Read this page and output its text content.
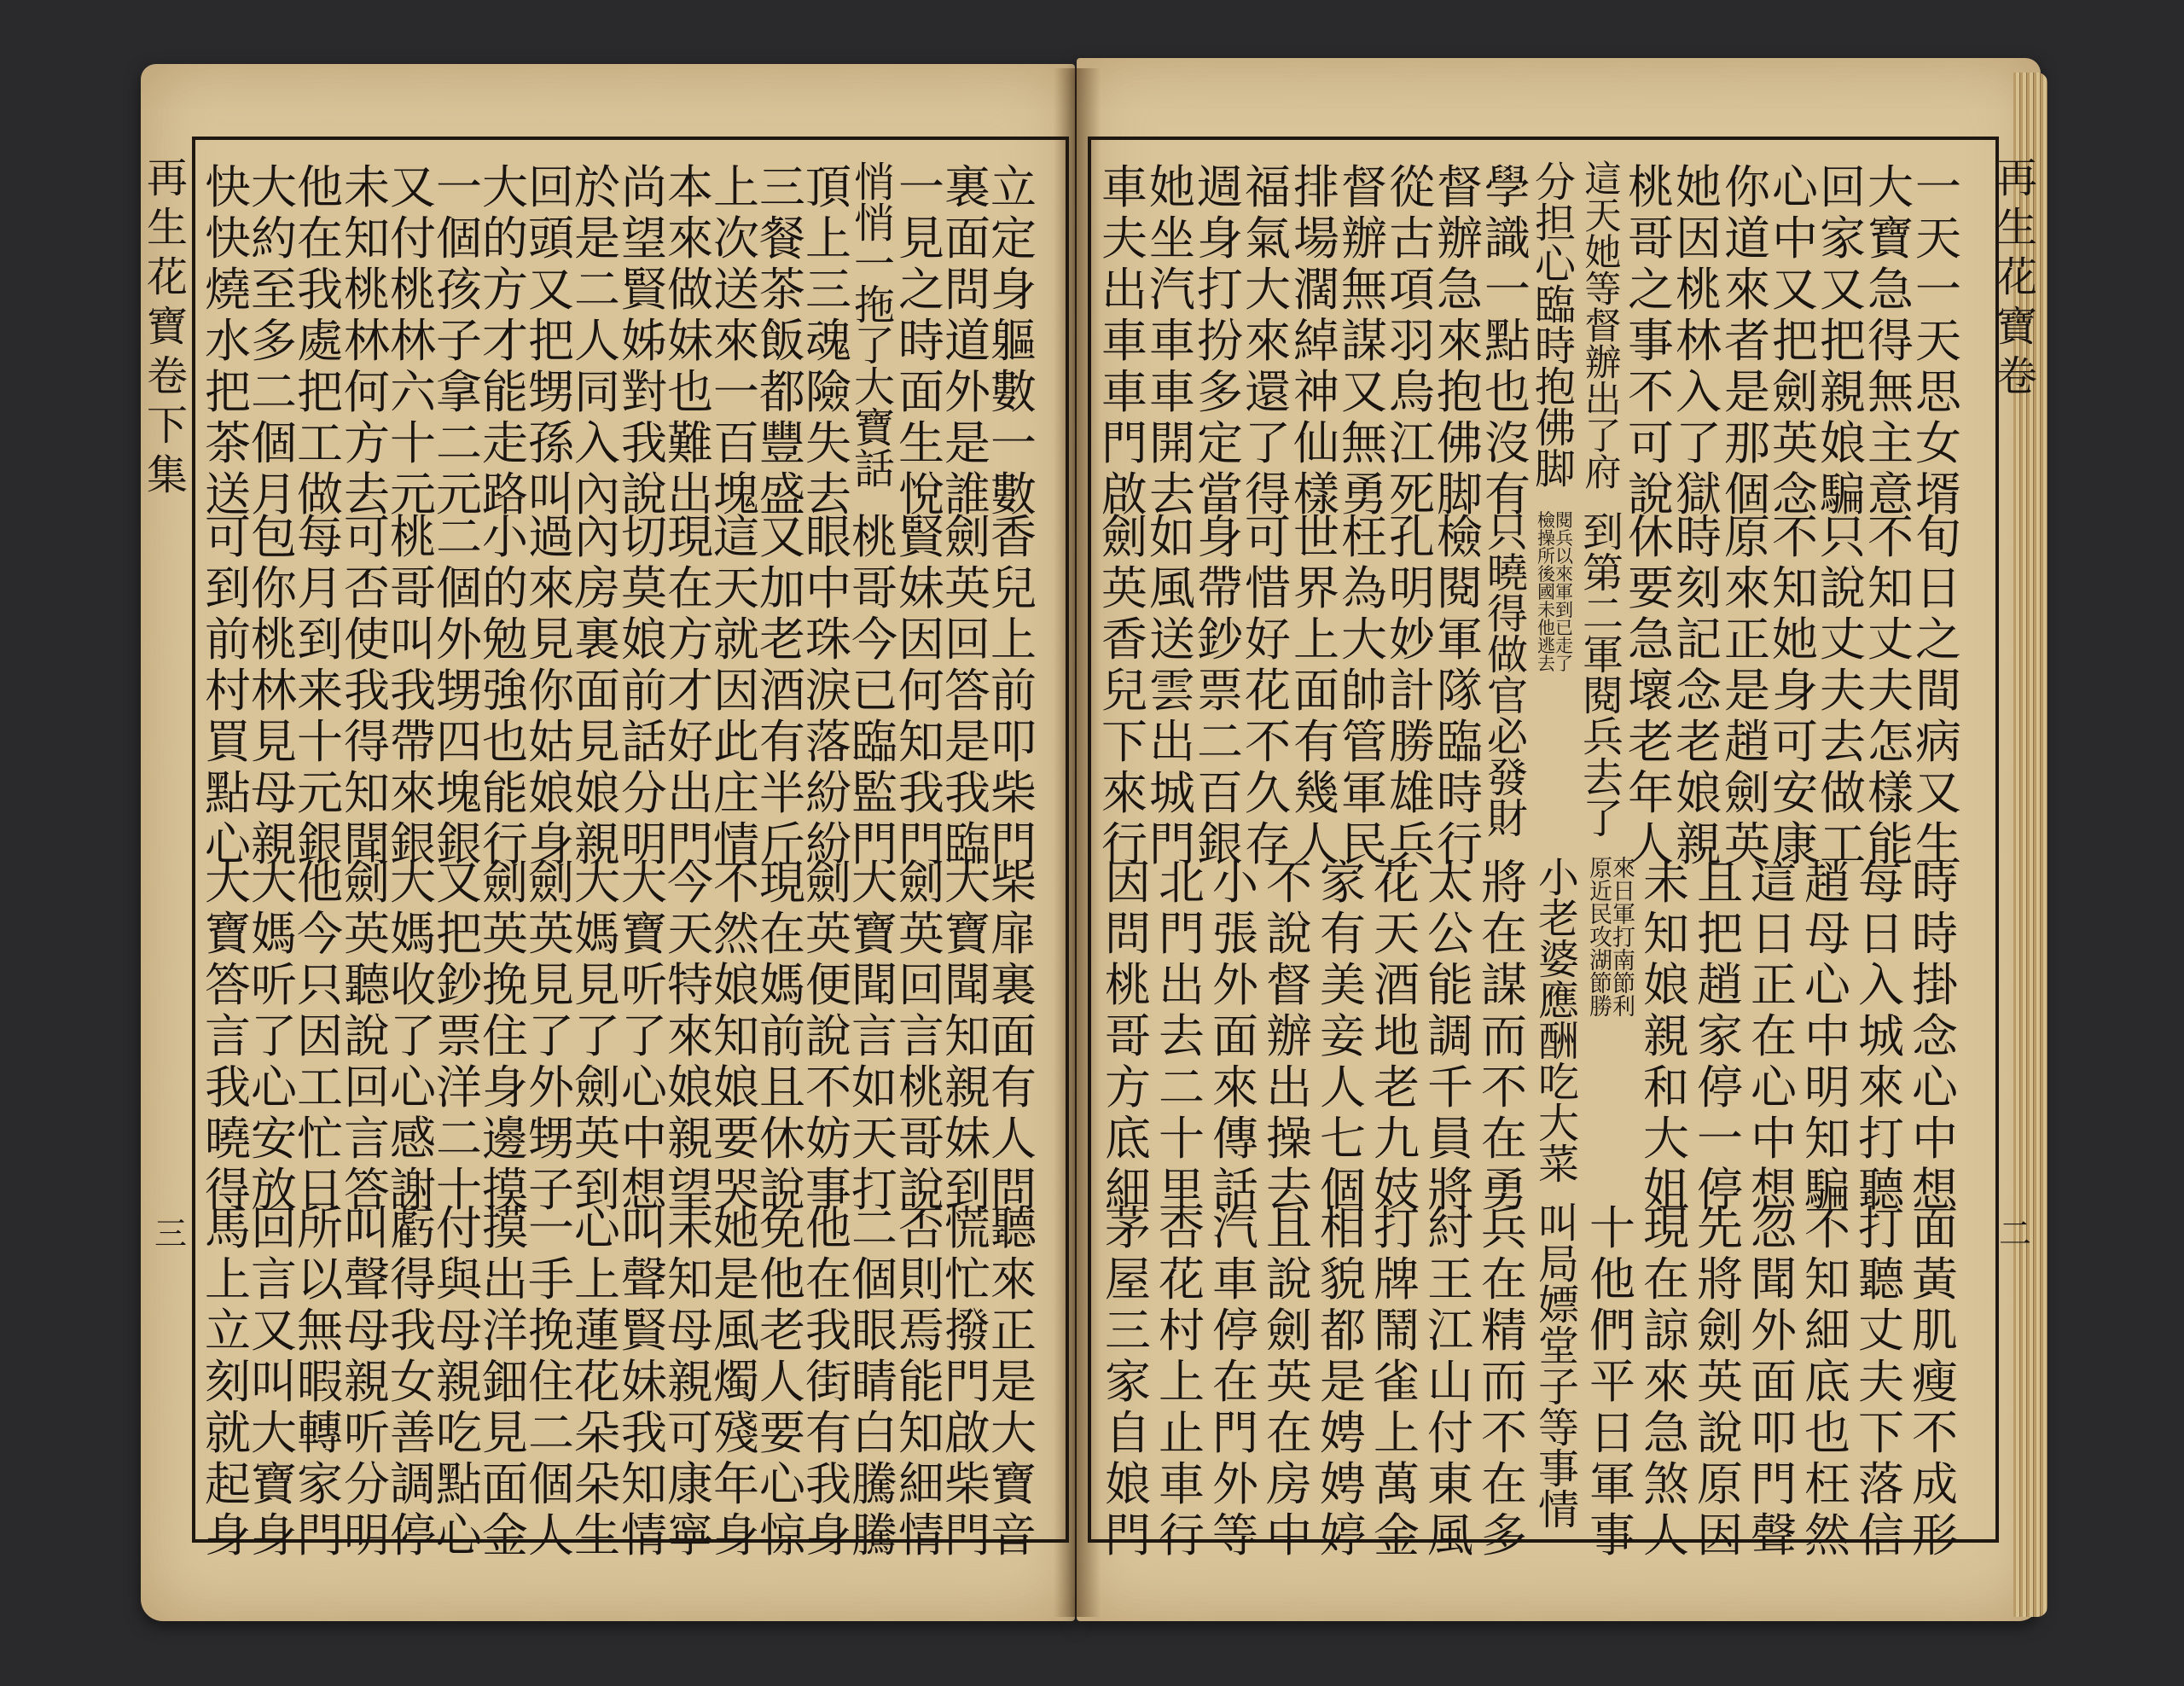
再生花寶卷 下集
三
再生花寶卷
二
立定身軀數一數
裏面問道外是誰
一見之時面生悅
悄悄一拖了大寶話
頂上三魂險失去
三餐茶飯都豐盛
上次送來一百塊
本來做妹也難出
尚望賢姊對我說
於是二人同入內
回頭又把甥孫叫
大的方才能走路
一個孩子拿二元
又付桃林六十元
未知桃林何方去
他在我處把工做
大約至多二個月
快快燒水把茶送
香兒上前叩柴門
劍英回答是我臨
賢妹因何知我門
桃哥今已臨監門
眼中珠淚落紛紛
又加老酒有半斤
這天就因此庄情
現在方才好出門
切莫娘前話分明
內房裏面見娘親
過來見你姑娘身
小的勉強也能行
二個外甥四塊銀
桃哥叫我帶來銀
可否使我得知聞
每月到来十元銀
包你桃林見母親
可到前村買點心
柴扉裏面有人問
大寶聞知親妹到
劍英回言桃哥說
大寶聞言如天打
劍英便說不妨事
現在媽前且休說
不然娘知娘要哭
今天特來娘親望
大寶听了心中想
大媽見了劍英到
劍英見了外甥子
劍英挽住身邊摸
又把鈔票洋二十
大媽收了心感謝
劍英聽說回言答
他今只因工忙日
大媽听了心安放
大寶答言我曉得
聽來正是大寶音
慌忙撥門啟柴門
否則焉能知細情
二個眼睛白騰騰
他在我街有我身
免他老人要心惊
她是風燭殘年身
未知母親可康寧
叫聲賢妹我知情
心上蓮花朵朵生
一手挽住二個人
摸出洋鈿見面金
付與母親吃點心
虧得我女善調停
叫聲母親听分明
所以無暇轉家門
回言又叫大寶身
馬上立刻就起身
一天一天思女壻
大寶急得無主意
回家又把親娘騙
心中又把劍英念
你道來者是那個
她因桃林入了獄
桃哥之事不可說
這天她等督辦出了府
分担心臨時抱佛脚
學識一點也沒有
督辦急來抱佛脚
從古項羽烏江死
督辦無謀又無勇
排場濶綽神仙樣
福氣大來還了得
週身打扮多定當
她坐汽車車開去
車夫出車車門啟
旬日之間病又生
不知丈夫怎樣能
只說丈夫去做工
不知她身可安康
原來正是趙劍英
時刻記念老娘親
休要急壞老年人
到第二軍閱兵去了
檢閱操兵所以後來國軍未到他已逃走去了
只曉得做官必發財
檢閱軍隊臨時行
孔明妙計勝雄兵
枉為大帥管軍民
世界上面有幾人
可惜好花不久存
身帶鈔票二百銀
如風送雲出城門
劍英香兒下來行
時時掛念心中想
每日入城來打聽
趙母心中明知騙
這日正在心中想
且把趙家停一停
未知娘親和大姐
原來近日民軍攻打湖南節節勝利
小老婆應酬吃大菜
將在謀而不在勇
太公能調千員將
花天酒地老九妓
家有美妾人七個
不說督辦出操去
小張外面來傳話
北門出去二十里
因問桃哥方底細
面黃肌瘦不成形
打聽丈夫下落信
不知細底也枉然
忽聞外面叩門聲
先將劍英說原因
現在諒來急煞人
十他們平日軍事
叫局嫖堂子等事情
兵在精而不在多
紂王江山付東風
打牌鬧雀上萬金
相貌都是娉娉婷
且說劍英在房中
汽車停在門外等
杏花村上止車行
茅屋三家自娘門
